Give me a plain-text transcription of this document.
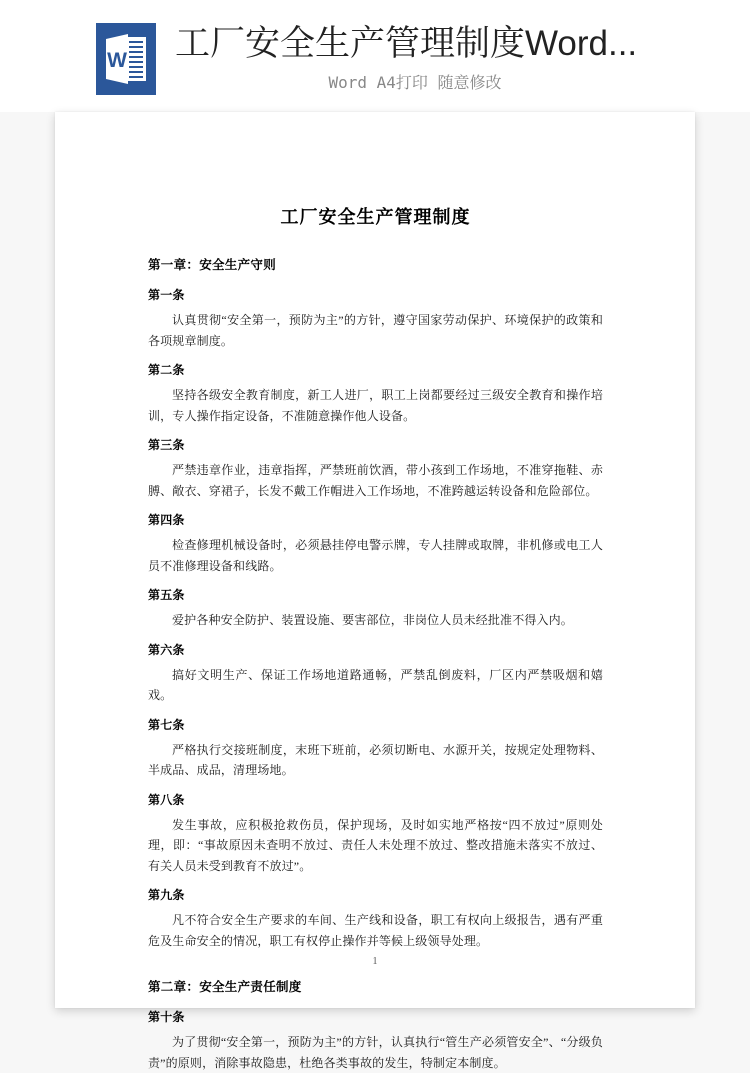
W 工厂安全生产管理制度Word...
Word A4打印 随意修改
工厂安全生产管理制度
第一章：安全生产守则
第一条
认真贯彻“安全第一，预防为主”的方针，遵守国家劳动保护、环境保护的政策和各项规章制度。
第二条
坚持各级安全教育制度，新工人进厂，职工上岗都要经过三级安全教育和操作培训，专人操作指定设备，不准随意操作他人设备。
第三条
严禁违章作业，违章指挥，严禁班前饮酒，带小孩到工作场地，不准穿拖鞋、赤膊、敞衣、穿裙子，长发不戴工作帽进入工作场地，不准跨越运转设备和危险部位。
第四条
检查修理机械设备时，必须悬挂停电警示牌，专人挂牌或取牌，非机修或电工人员不准修理设备和线路。
第五条
爱护各种安全防护、装置设施、要害部位，非岗位人员未经批准不得入内。
第六条
搞好文明生产、保证工作场地道路通畅，严禁乱倒废料，厂区内严禁吸烟和嬉戏。
第七条
严格执行交接班制度，末班下班前，必须切断电、水源开关，按规定处理物料、半成品、成品，清理场地。
第八条
发生事故，应积极抢救伤员，保护现场，及时如实地严格按“四不放过”原则处理，即：“事故原因未查明不放过、责任人未处理不放过、整改措施未落实不放过、有关人员未受到教育不放过”。
第九条
凡不符合安全生产要求的车间、生产线和设备，职工有权向上级报告，遇有严重危及生命安全的情况，职工有权停止操作并等候上级领导处理。
第二章：安全生产责任制度
第十条
为了贯彻“安全第一，预防为主”的方针，认真执行“管生产必须管安全”、“分级负责”的原则，消除事故隐患，杜绝各类事故的发生，特制定本制度。
1
